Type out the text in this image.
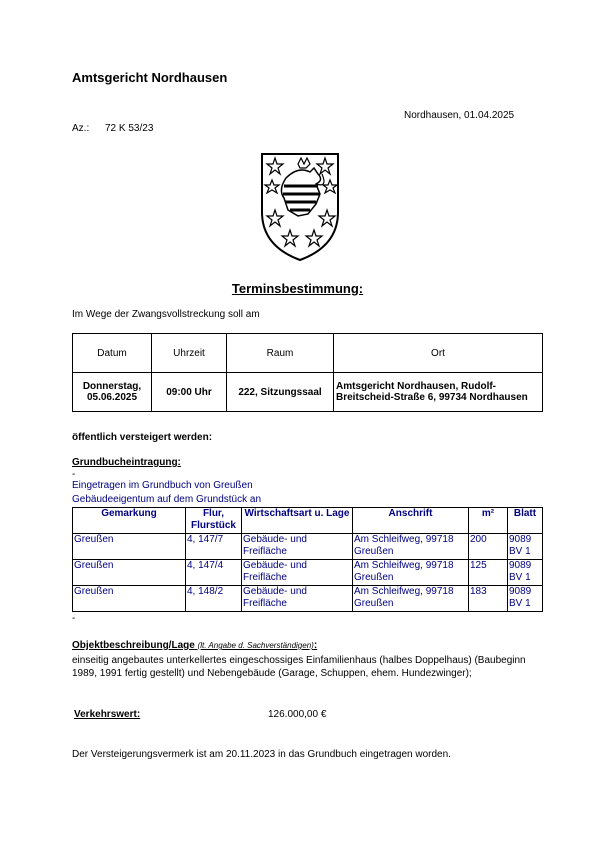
Amtsgericht Nordhausen
Nordhausen, 01.04.2025
Az.: 72 K 53/23
Terminsbestimmung:
Im Wege der Zwangsvollstreckung soll am
Datum	Uhrzeit	Raum	Ort
Donnerstag,
05.06.2025	09:00 Uhr	222, Sitzungssaal	Amtsgericht Nordhausen, Rudolf-Breitscheid-Straße 6, 99734 Nordhausen
öffentlich versteigert werden:
Grundbucheintragung:
-
Eingetragen im Grundbuch von Greußen
Gebäudeeigentum auf dem Grundstück an
Gemarkung	Flur, Flurstück	Wirtschaftsart u. Lage	Anschrift	m²	Blatt
Greußen	4, 147/7	Gebäude- und Freifläche	Am Schleifweg, 99718 Greußen	200	9089 BV 1
Greußen	4, 147/4	Gebäude- und Freifläche	Am Schleifweg, 99718 Greußen	125	9089 BV 1
Greußen	4, 148/2	Gebäude- und Freifläche	Am Schleifweg, 99718 Greußen	183	9089 BV 1
-
Objektbeschreibung/Lage (lt. Angabe d. Sachverständigen):
einseitig angebautes unterkellertes eingeschossiges Einfamilienhaus (halbes Doppelhaus) (Baubeginn 1989, 1991 fertig gestellt) und Nebengebäude (Garage, Schuppen, ehem. Hundezwinger);
Verkehrswert:	126.000,00 €
Der Versteigerungsvermerk ist am 20.11.2023 in das Grundbuch eingetragen worden.
